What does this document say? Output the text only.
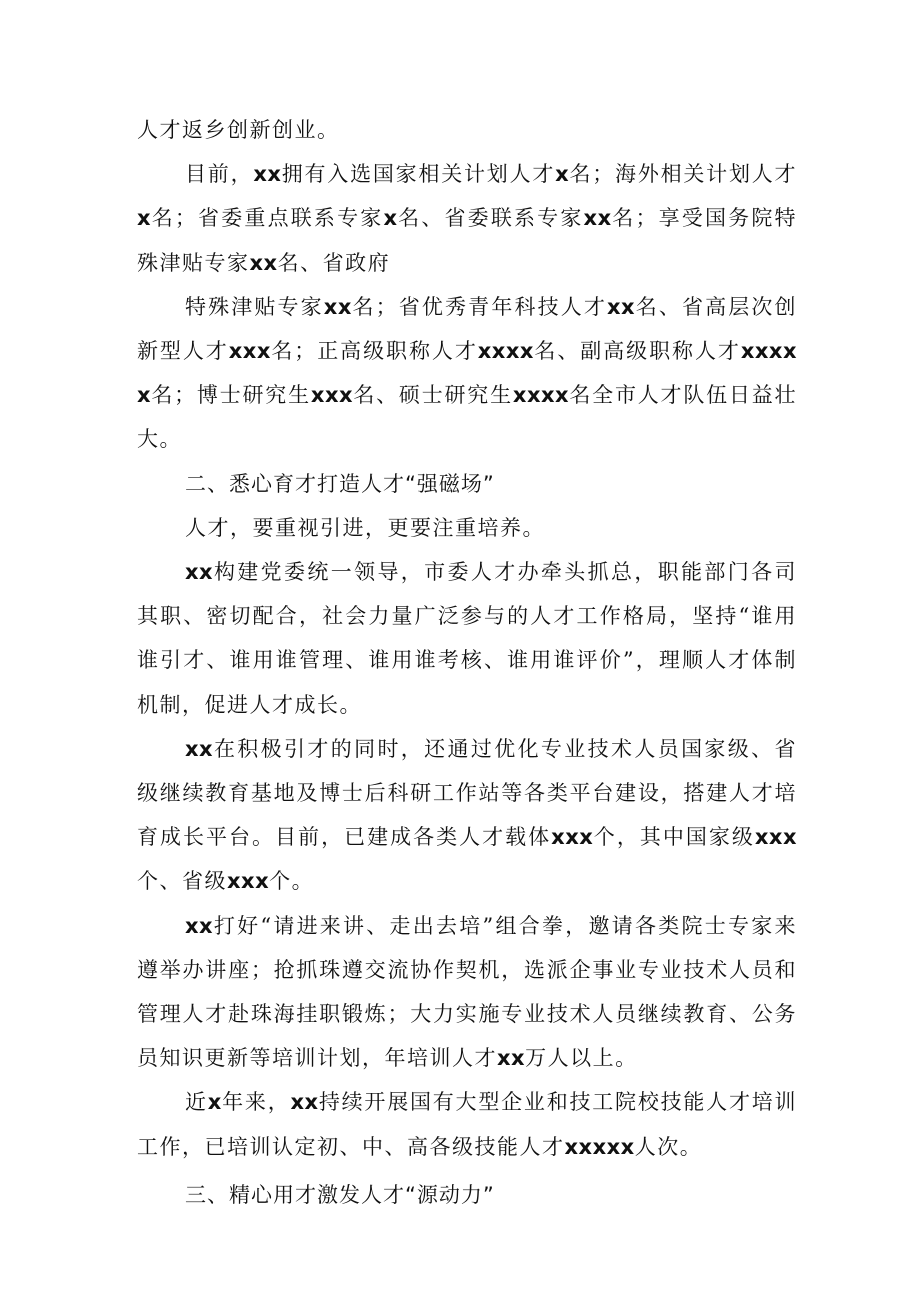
人才返乡创新创业。

目前，xx拥有入选国家相关计划人才x名；海外相关计划人才x名；省委重点联系专家x名、省委联系专家xx名；享受国务院特殊津贴专家xx名、省政府

特殊津贴专家xx名；省优秀青年科技人才xx名、省高层次创新型人才xxx名；正高级职称人才xxxx名、副高级职称人才xxxxx名；博士研究生xxx名、硕士研究生xxxx名全市人才队伍日益壮大。

二、悉心育才打造人才“强磁场”

人才，要重视引进，更要注重培养。

xx构建党委统一领导，市委人才办牵头抓总，职能部门各司其职、密切配合，社会力量广泛参与的人才工作格局，坚持“谁用谁引才、谁用谁管理、谁用谁考核、谁用谁评价”，理顺人才体制机制，促进人才成长。

xx在积极引才的同时，还通过优化专业技术人员国家级、省级继续教育基地及博士后科研工作站等各类平台建设，搭建人才培育成长平台。目前，已建成各类人才载体xxx个，其中国家级xxx个、省级xxx个。

xx打好“请进来讲、走出去培”组合拳，邀请各类院士专家来遵举办讲座；抢抓珠遵交流协作契机，选派企事业专业技术人员和管理人才赴珠海挂职锻炼；大力实施专业技术人员继续教育、公务员知识更新等培训计划，年培训人才xx万人以上。

近x年来，xx持续开展国有大型企业和技工院校技能人才培训工作，已培训认定初、中、高各级技能人才xxxxx人次。

三、精心用才激发人才“源动力”
